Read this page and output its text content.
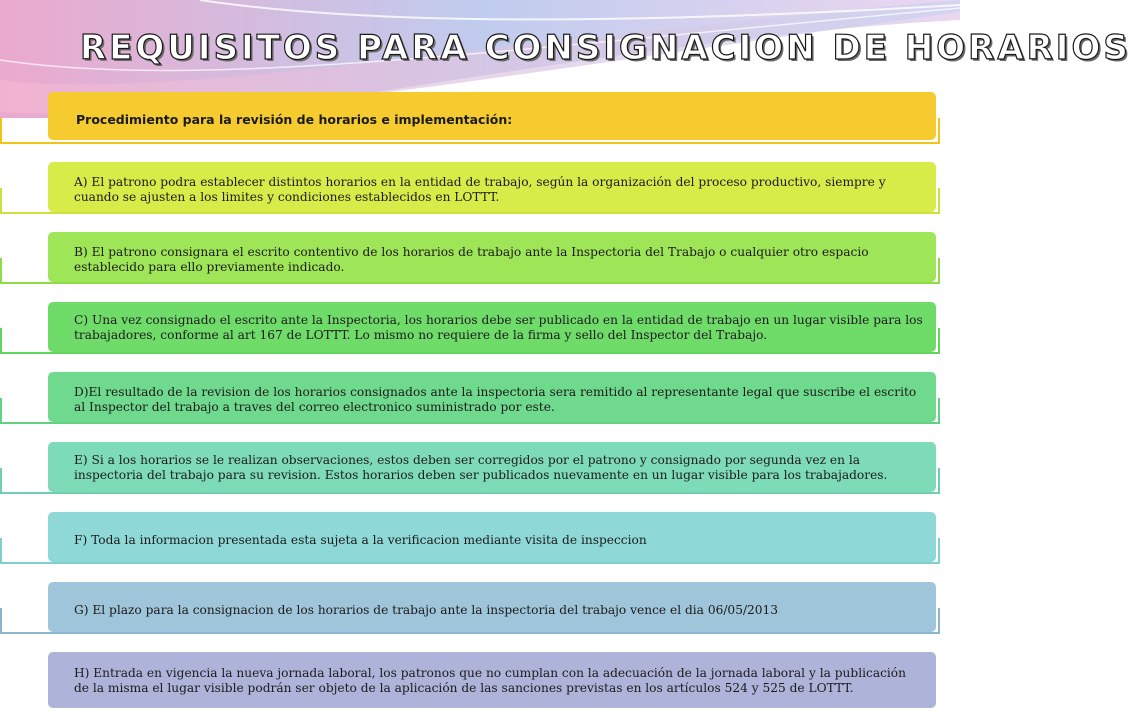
REQUISITOS PARA CONSIGNACION DE HORARIOS

Procedimiento para la revisión de horarios e implementación:

A) El patrono podra establecer distintos horarios en la entidad de trabajo, según la organización del proceso productivo, siempre y cuando se ajusten a los limites y condiciones establecidos en LOTTT.

B) El patrono consignara el escrito contentivo de los horarios de trabajo ante la Inspectoria del Trabajo o cualquier otro espacio establecido para ello previamente indicado.

C) Una vez consignado el escrito ante la Inspectoria, los horarios debe ser publicado en la entidad de trabajo en un lugar visible para los trabajadores, conforme al art 167 de LOTTT. Lo mismo no requiere de la firma y sello del Inspector del Trabajo.

D)El resultado de la revision de los horarios consignados ante la inspectoria sera remitido al representante legal que suscribe el escrito al Inspector del trabajo a traves del correo electronico suministrado por este.

E) Si a los horarios se le realizan observaciones, estos deben ser corregidos por el patrono y consignado por segunda vez en la inspectoria del trabajo para su revision. Estos horarios deben ser publicados nuevamente en un lugar visible para los trabajadores.

F) Toda la informacion presentada esta sujeta a la verificacion mediante visita de inspeccion

G) El plazo para la consignacion de los horarios de trabajo ante la inspectoria del trabajo vence el dia 06/05/2013

H) Entrada en vigencia la nueva jornada laboral, los patronos que no cumplan con la adecuación de la jornada laboral y la publicación de la misma el lugar visible podrán ser objeto de la aplicación de las sanciones previstas en los artículos 524 y 525 de LOTTT.
